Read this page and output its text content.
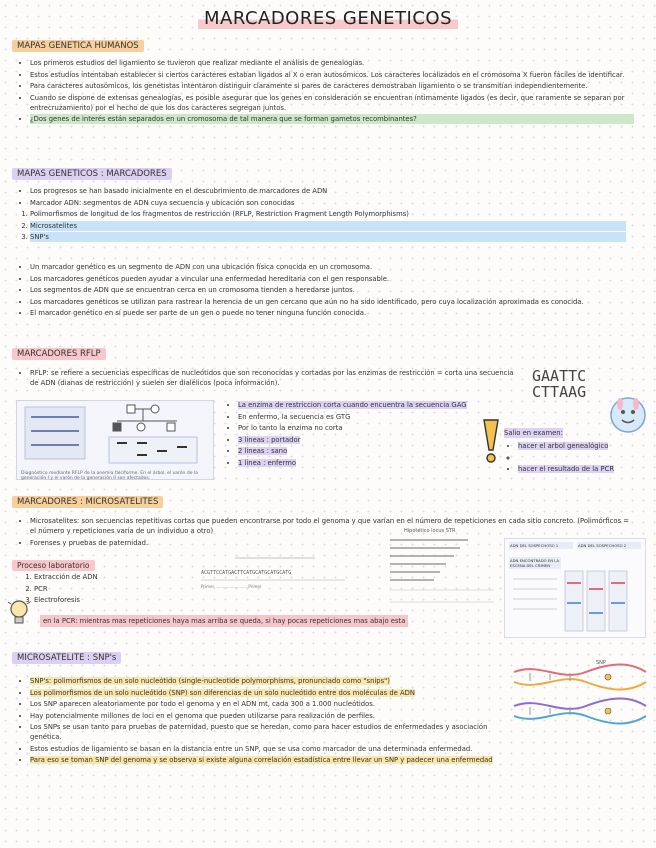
MARCADORES GENETICOS
MAPAS GENETICA HUMANOS
• Los primeros estudios del ligamiento se tuvieron que realizar mediante el análisis de genealogías.
• Estos estudios intentaban establecer si ciertos caracteres estaban ligados al X o eran autosómicos. Los caracteres localizados en el cromosoma X fueron fáciles de identificar.
• Para caracteres autosómicos, los genetistas intentaron distinguir claramente si pares de caracteres demostraban ligamiento o se transmitían independientemente.
• Cuando se dispone de extensas genealogías, es posible asegurar que los genes en consideración se encuentran íntimamente ligados (es decir, que raramente se separan por entrecruzamiento) por el hecho de que los dos caracteres segregan juntos.
• ¿Dos genes de interés están separados en un cromosoma de tal manera que se forman gametos recombinantes?
MAPAS GENETICOS : MARCADORES
• Los progresos se han basado inicialmente en el descubrimiento de marcadores de ADN
• Marcador ADN: segmentos de ADN cuya secuencia y ubicación son conocidas
1. Polimorfismos de longitud de los fragmentos de restricción (RFLP, Restriction Fragment Length Polymorphisms)
2. Microsatelites
3. SNP's
• Un marcador genético es un segmento de ADN con una ubicación física conocida en un cromosoma.
• Los marcadores genéticos pueden ayudar a vincular una enfermedad hereditaria con el gen responsable.
• Los segmentos de ADN que se encuentran cerca en un cromosoma tienden a heredarse juntos.
• Los marcadores genéticos se utilizan para rastrear la herencia de un gen cercano que aún no ha sido identificado, pero cuya localización aproximada es conocida.
• El marcador genético en sí puede ser parte de un gen o puede no tener ninguna función conocida.
MARCADORES RFLP
• RFLP: se refiere a secuencias específicas de nucleótidos que son reconocidas y cortadas por las enzimas de restricción = corta una secuencia de ADN (dianas de restricción) y suelen ser dialélicos (poca información).	GAATTC
CTTAAG
Diagnóstico mediante RFLP de la anemia falciforme. En el árbol, el varón de la generación I y el varón de la generación II son afectados.
• La enzima de restriccion corta cuando encuentra la secuencia GAG
• En enfermo, la secuencia es GTG
• Por lo tanto la enzima no corta
• 3 lineas : portador
• 2 lineas : sano
• 1 linea : enfermo
Salio en examen:
• hacer el arbol genealógico
◦
• hacer el resultado de la PCR
MARCADORES : MICROSATELITES
• Microsatelites: son secuencias repetitivas cortas que pueden encontrarse por todo el genoma y que varían en el número de repeticiones en cada sitio concreto. (Polimórficos = el número y repeticiones varía de un individuo a otro)
• Forenses y pruebas de paternidad.
Proceso laboratorio
1. Extracción de ADN
2. PCR
3. Electroforesis
en la PCR: mientras mas repeticiones haya mas arriba se queda, si hay pocas repeticiones mas abajo esta
ACGTTCCATGACTTCATGCATGCATGCATG
Primer ......................... Primer
Hipotético locus STR
ADN DEL SOSPECHOSO 1	ADN DEL SOSPECHOSO 2
ADN ENCONTRADO EN LA ESCENA DEL CRIMEN
MICROSATELITE : SNP's
• SNP's: polimorfismos de un solo nucleótido (single-nucleotide polymorphisms, pronunciado como "snips")
• Los polimorfismos de un solo nucleótido (SNP) son diferencias de un solo nucleótido entre dos moléculas de ADN
• Los SNP aparecen aleatoriamente por todo el genoma y en el ADN mt, cada 300 a 1.000 nucleótidos.
• Hay potencialmente millones de loci en el genoma que pueden utilizarse para realización de perfiles.
• Los SNPs se usan tanto para pruebas de paternidad, puesto que se heredan, como para hacer estudios de enfermedades y asociación genética.
• Estos estudios de ligamiento se basan en la distancia entre un SNP, que se usa como marcador de una determinada enfermedad.
• Para eso se toman SNP del genoma y se observa si existe alguna correlación estadística entre llevar un SNP y padecer una enfermedad
SNP
